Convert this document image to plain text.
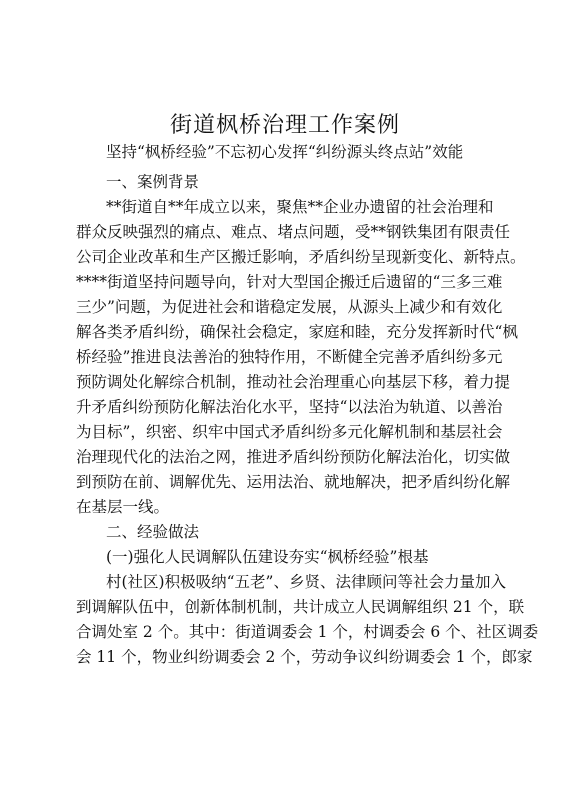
街道枫桥治理工作案例
坚持“枫桥经验”不忘初心发挥“纠纷源头终点站”效能
一、案例背景
**街道自**年成立以来，聚焦**企业办遗留的社会治理和
群众反映强烈的痛点、难点、堵点问题，受**钢铁集团有限责任
公司企业改革和生产区搬迁影响，矛盾纠纷呈现新变化、新特点。
****街道坚持问题导向，针对大型国企搬迁后遗留的“三多三难
三少”问题，为促进社会和谐稳定发展，从源头上减少和有效化
解各类矛盾纠纷，确保社会稳定，家庭和睦，充分发挥新时代“枫
桥经验”推进良法善治的独特作用，不断健全完善矛盾纠纷多元
预防调处化解综合机制，推动社会治理重心向基层下移，着力提
升矛盾纠纷预防化解法治化水平，坚持“以法治为轨道、以善治
为目标”，织密、织牢中国式矛盾纠纷多元化解机制和基层社会
治理现代化的法治之网，推进矛盾纠纷预防化解法治化，切实做
到预防在前、调解优先、运用法治、就地解决，把矛盾纠纷化解
在基层一线。
二、经验做法
(一)强化人民调解队伍建设夯实“枫桥经验”根基
村(社区)积极吸纳“五老”、乡贤、法律顾问等社会力量加入
到调解队伍中，创新体制机制，共计成立人民调解组织 21 个，联
合调处室 2 个。其中：街道调委会 1 个，村调委会 6 个、社区调委
会 11 个，物业纠纷调委会 2 个，劳动争议纠纷调委会 1 个，郎家
